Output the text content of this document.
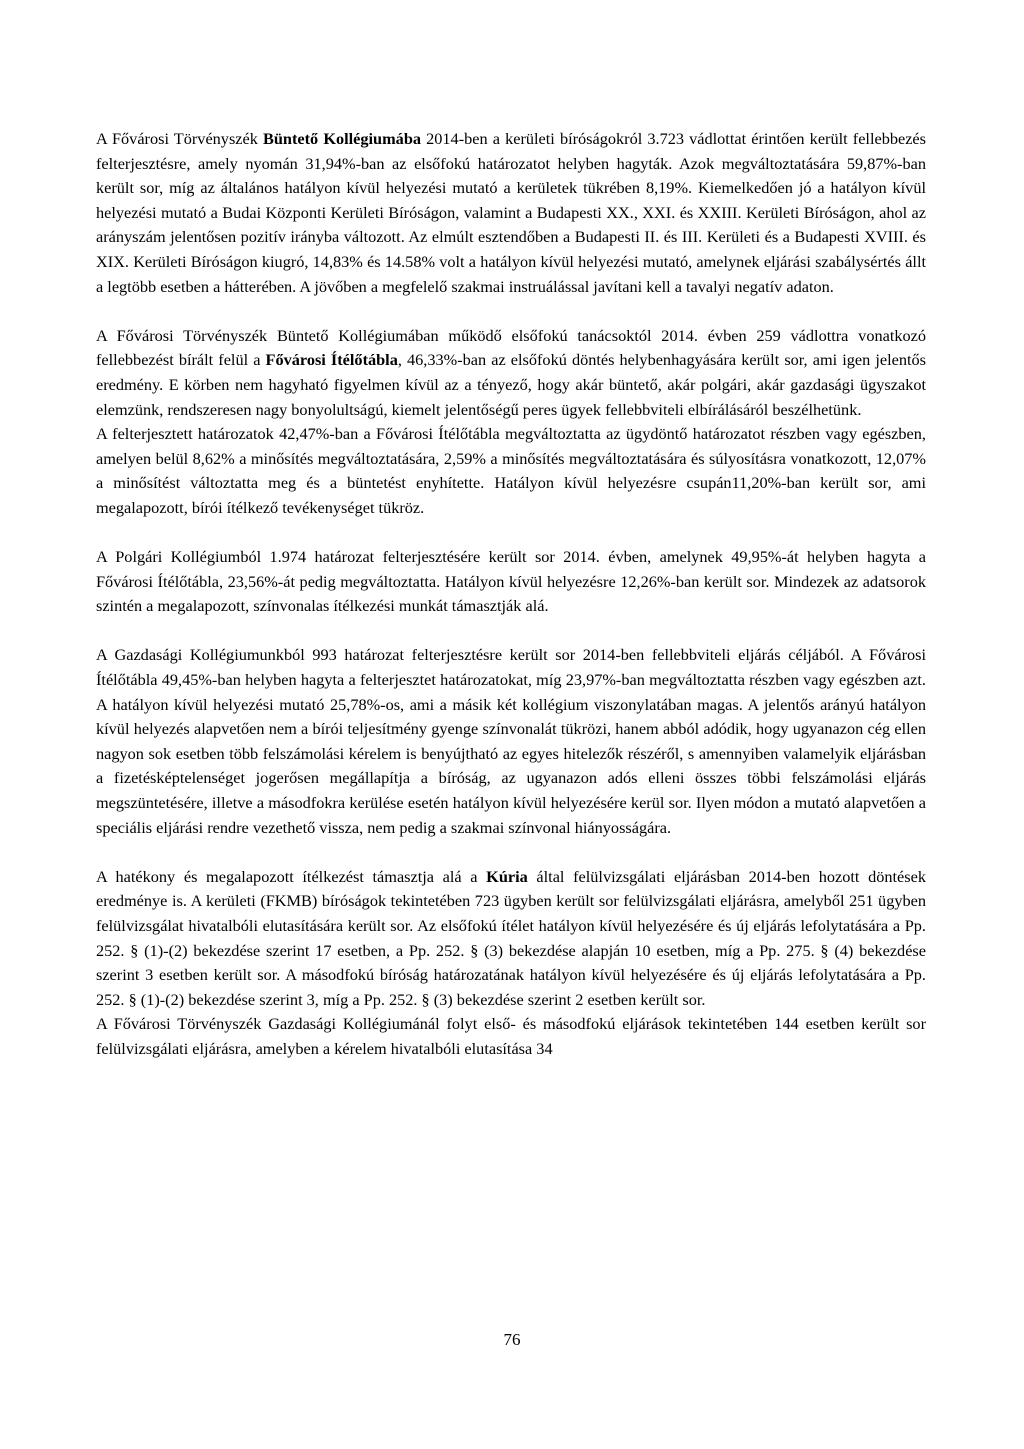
A Fővárosi Törvényszék Büntető Kollégiumába 2014-ben a kerületi bíróságokról 3.723 vádlottat érintően került fellebbezés felterjesztésre, amely nyomán 31,94%-ban az elsőfokú határozatot helyben hagyták. Azok megváltoztatására 59,87%-ban került sor, míg az általános hatályon kívül helyezési mutató a kerületek tükrében 8,19%. Kiemelkedően jó a hatályon kívül helyezési mutató a Budai Központi Kerületi Bíróságon, valamint a Budapesti XX., XXI. és XXIII. Kerületi Bíróságon, ahol az arányszám jelentősen pozitív irányba változott. Az elmúlt esztendőben a Budapesti II. és III. Kerületi és a Budapesti XVIII. és XIX. Kerületi Bíróságon kiugró, 14,83% és 14.58% volt a hatályon kívül helyezési mutató, amelynek eljárási szabálysértés állt a legtöbb esetben a hátterében. A jövőben a megfelelő szakmai instruálással javítani kell a tavalyi negatív adaton.

A Fővárosi Törvényszék Büntető Kollégiumában működő elsőfokú tanácsoktól 2014. évben 259 vádlottra vonatkozó fellebbezést bírált felül a Fővárosi Ítélőtábla, 46,33%-ban az elsőfokú döntés helybenhagyására került sor, ami igen jelentős eredmény. E körben nem hagyható figyelmen kívül az a tényező, hogy akár büntető, akár polgári, akár gazdasági ügyszakot elemzünk, rendszeresen nagy bonyolultságú, kiemelt jelentőségű peres ügyek fellebbviteli elbírálásáról beszélhetünk.

A felterjesztett határozatok 42,47%-ban a Fővárosi Ítélőtábla megváltoztatta az ügydöntő határozatot részben vagy egészben, amelyen belül 8,62% a minősítés megváltoztatására, 2,59% a minősítés megváltoztatására és súlyosításra vonatkozott, 12,07% a minősítést változtatta meg és a büntetést enyhítette. Hatályon kívül helyezésre csupán11,20%-ban került sor, ami megalapozott, bírói ítélkező tevékenységet tükröz.

A Polgári Kollégiumból 1.974 határozat felterjesztésére került sor 2014. évben, amelynek 49,95%-át helyben hagyta a Fővárosi Ítélőtábla, 23,56%-át pedig megváltoztatta. Hatályon kívül helyezésre 12,26%-ban került sor. Mindezek az adatsorok szintén a megalapozott, színvonalas ítélkezési munkát támasztják alá.

A Gazdasági Kollégiumunkból 993 határozat felterjesztésre került sor 2014-ben fellebbviteli eljárás céljából. A Fővárosi Ítélőtábla 49,45%-ban helyben hagyta a felterjesztet határozatokat, míg 23,97%-ban megváltoztatta részben vagy egészben azt. A hatályon kívül helyezési mutató 25,78%-os, ami a másik két kollégium viszonylatában magas. A jelentős arányú hatályon kívül helyezés alapvetően nem a bírói teljesítmény gyenge színvonalát tükrözi, hanem abból adódik, hogy ugyanazon cég ellen nagyon sok esetben több felszámolási kérelem is benyújtható az egyes hitelezők részéről, s amennyiben valamelyik eljárásban a fizetésképtelenséget jogerősen megállapítja a bíróság, az ugyanazon adós elleni összes többi felszámolási eljárás megszüntetésére, illetve a másodfokra kerülése esetén hatályon kívül helyezésére kerül sor. Ilyen módon a mutató alapvetően a speciális eljárási rendre vezethető vissza, nem pedig a szakmai színvonal hiányosságára.

A hatékony és megalapozott ítélkezést támasztja alá a Kúria által felülvizsgálati eljárásban 2014-ben hozott döntések eredménye is. A kerületi (FKMB) bíróságok tekintetében 723 ügyben került sor felülvizsgálati eljárásra, amelyből 251 ügyben felülvizsgálat hivatalbóli elutasítására került sor. Az elsőfokú ítélet hatályon kívül helyezésére és új eljárás lefolytatására a Pp. 252. § (1)-(2) bekezdése szerint 17 esetben, a Pp. 252. § (3) bekezdése alapján 10 esetben, míg a Pp. 275. § (4) bekezdése szerint 3 esetben került sor. A másodfokú bíróság határozatának hatályon kívül helyezésére és új eljárás lefolytatására a Pp. 252. § (1)-(2) bekezdése szerint 3, míg a Pp. 252. § (3) bekezdése szerint 2 esetben került sor.

A Fővárosi Törvényszék Gazdasági Kollégiumánál folyt első- és másodfokú eljárások tekintetében 144 esetben került sor felülvizsgálati eljárásra, amelyben a kérelem hivatalbóli elutasítása 34

76
